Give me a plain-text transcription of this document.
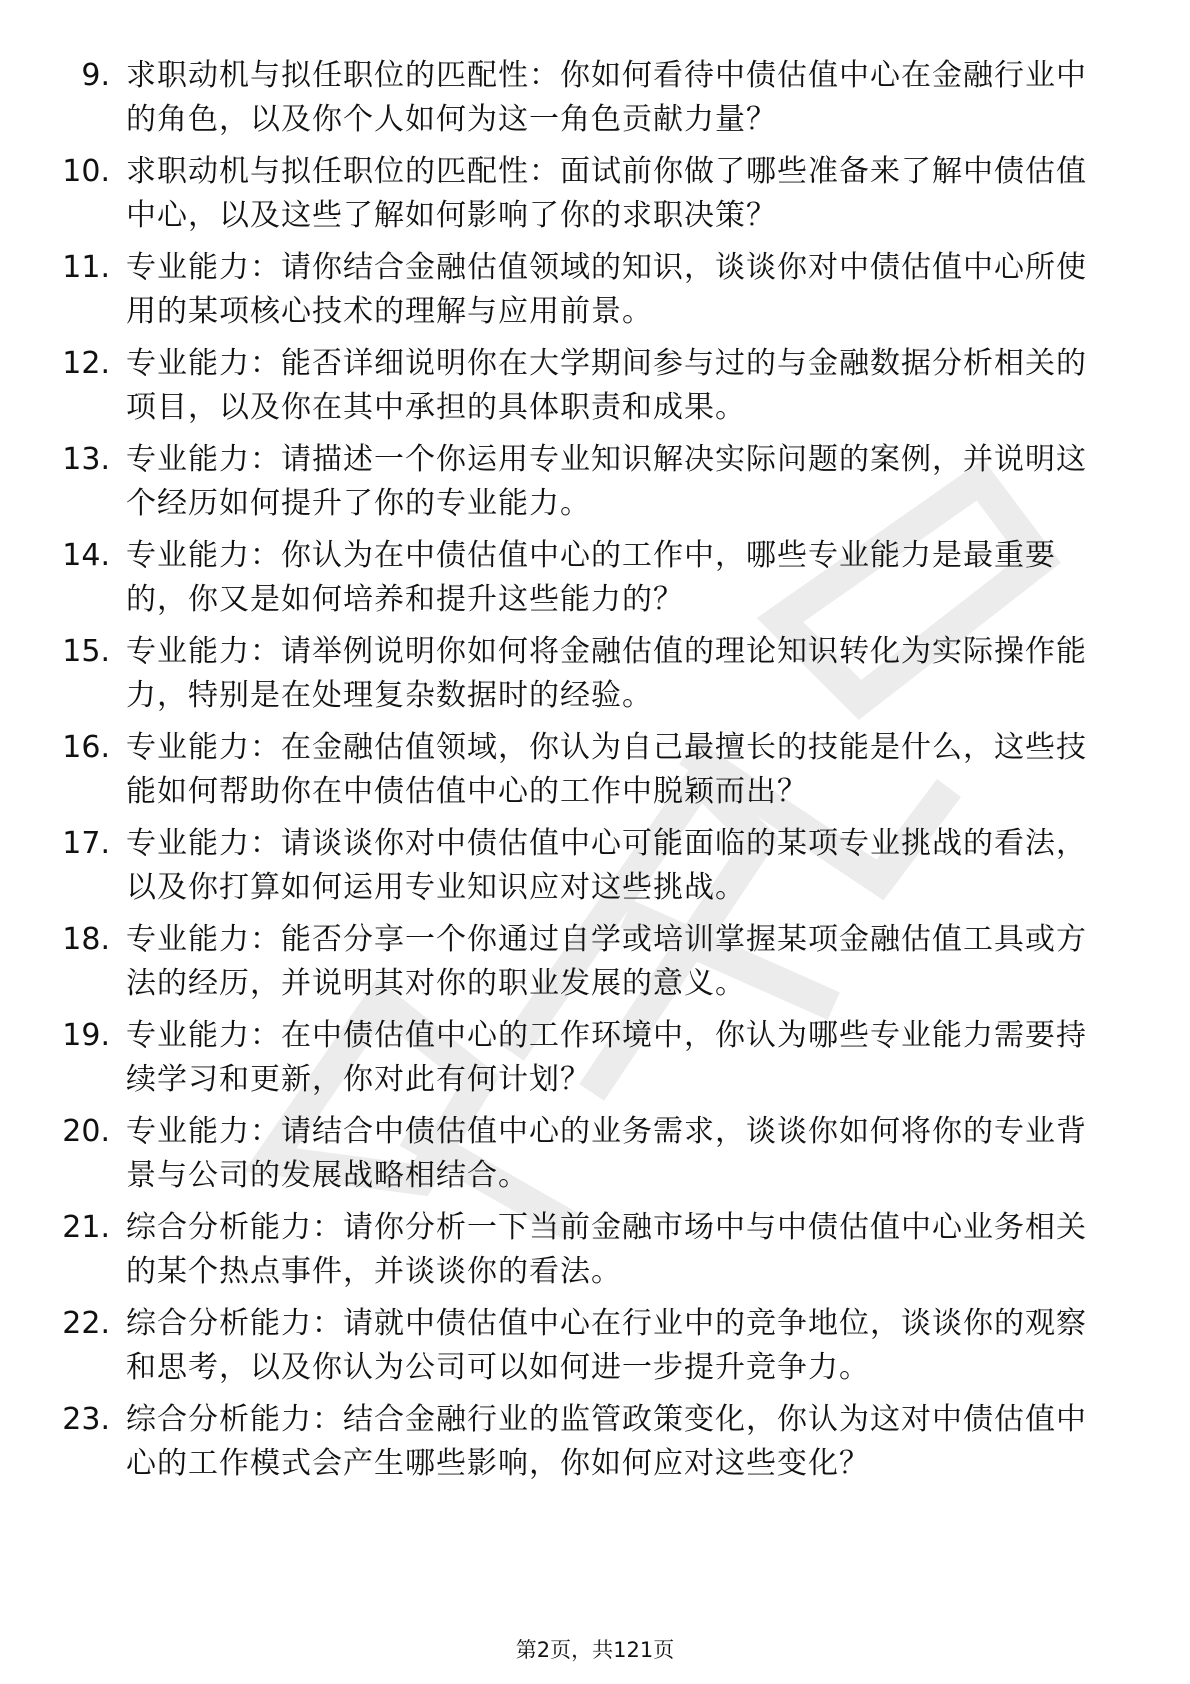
9. 求职动机与拟任职位的匹配性：你如何看待中债估值中心在金融行业中的角色，以及你个人如何为这一角色贡献力量？
10. 求职动机与拟任职位的匹配性：面试前你做了哪些准备来了解中债估值中心，以及这些了解如何影响了你的求职决策？
11. 专业能力：请你结合金融估值领域的知识，谈谈你对中债估值中心所使用的某项核心技术的理解与应用前景。
12. 专业能力：能否详细说明你在大学期间参与过的与金融数据分析相关的项目，以及你在其中承担的具体职责和成果。
13. 专业能力：请描述一个你运用专业知识解决实际问题的案例，并说明这个经历如何提升了你的专业能力。
14. 专业能力：你认为在中债估值中心的工作中，哪些专业能力是最重要的，你又是如何培养和提升这些能力的？
15. 专业能力：请举例说明你如何将金融估值的理论知识转化为实际操作能力，特别是在处理复杂数据时的经验。
16. 专业能力：在金融估值领域，你认为自己最擅长的技能是什么，这些技能如何帮助你在中债估值中心的工作中脱颖而出？
17. 专业能力：请谈谈你对中债估值中心可能面临的某项专业挑战的看法，以及你打算如何运用专业知识应对这些挑战。
18. 专业能力：能否分享一个你通过自学或培训掌握某项金融估值工具或方法的经历，并说明其对你的职业发展的意义。
19. 专业能力：在中债估值中心的工作环境中，你认为哪些专业能力需要持续学习和更新，你对此有何计划？
20. 专业能力：请结合中债估值中心的业务需求，谈谈你如何将你的专业背景与公司的发展战略相结合。
21. 综合分析能力：请你分析一下当前金融市场中与中债估值中心业务相关的某个热点事件，并谈谈你的看法。
22. 综合分析能力：请就中债估值中心在行业中的竞争地位，谈谈你的观察和思考，以及你认为公司可以如何进一步提升竞争力。
23. 综合分析能力：结合金融行业的监管政策变化，你认为这对中债估值中心的工作模式会产生哪些影响，你如何应对这些变化？
第2页，共121页
